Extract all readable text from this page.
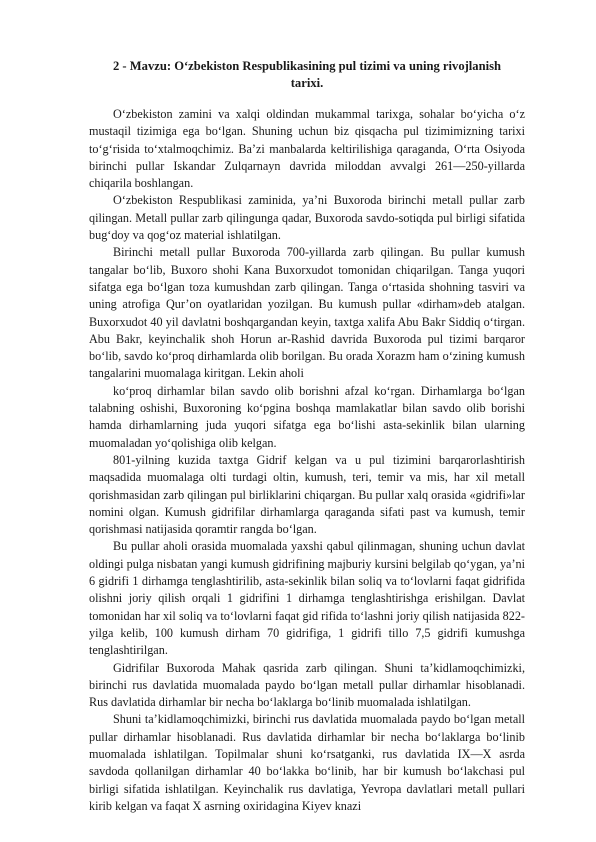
2 - Mavzu: O‘zbekiston Respublikasining pul tizimi va uning rivojlanish tarixi.

O‘zbekiston zamini va xalqi oldindan mukammal tarixga, sohalar bo‘yicha o‘z mustaqil tizimiga ega bo‘lgan. Shuning uchun biz qisqacha pul tizimimizning tarixi to‘g‘risida to‘xtalmoqchimiz. Ba’zi manbalarda keltirilishiga qaraganda, O‘rta Osiyoda birinchi pullar Iskandar Zulqarnayn davrida miloddan avvalgi 261—250-yillarda chiqarila boshlangan.

O‘zbekiston Respublikasi zaminida, ya’ni Buxoroda birinchi metall pullar zarb qilingan. Metall pullar zarb qilingunga qadar, Buxoroda savdo-sotiqda pul birligi sifatida bug‘doy va qog‘oz material ishlatilgan.

Birinchi metall pullar Buxoroda 700-yillarda zarb qilingan. Bu pullar kumush tangalar bo‘lib, Buxoro shohi Kana Buxorxudot tomonidan chiqarilgan. Tanga yuqori sifatga ega bo‘lgan toza kumushdan zarb qilingan. Tanga o‘rtasida shohning tasviri va uning atrofiga Qur’on oyatlaridan yozilgan. Bu kumush pullar «dirham»deb atalgan. Buxorxudot 40 yil davlatni boshqargandan keyin, taxtga xalifa Abu Bakr Siddiq o‘tirgan. Abu Bakr, keyinchalik shoh Horun ar-Rashid davrida Buxoroda pul tizimi barqaror bo‘lib, savdo ko‘proq dirhamlarda olib borilgan. Bu orada Xorazm ham o‘zining kumush tangalarini muomalaga kiritgan. Lekin aholi

ko‘proq dirhamlar bilan savdo olib borishni afzal ko‘rgan. Dirhamlarga bo‘lgan talabning oshishi, Buxoroning ko‘pgina boshqa mamlakatlar bilan savdo olib borishi hamda dirhamlarning juda yuqori sifatga ega bo‘lishi asta-sekinlik bilan ularning muomaladan yo‘qolishiga olib kelgan.

801-yilning kuzida taxtga Gidrif kelgan va u pul tizimini barqarorlashtirish maqsadida muomalaga olti turdagi oltin, kumush, teri, temir va mis, har xil metall qorishmasidan zarb qilingan pul birliklarini chiqargan. Bu pullar xalq orasida «gidrifi»lar nomini olgan. Kumush gidrifilar dirhamlarga qaraganda sifati past va kumush, temir qorishmasi natijasida qoramtir rangda bo‘lgan.

Bu pullar aholi orasida muomalada yaxshi qabul qilinmagan, shuning uchun davlat oldingi pulga nisbatan yangi kumush gidrifining majburiy kursini belgilab qo‘ygan, ya’ni 6 gidrifi 1 dirhamga tenglashtirilib, asta-sekinlik bilan soliq va to‘lovlarni faqat gidrifida olishni joriy qilish orqali 1 gidrifini 1 dirhamga tenglashtirishga erishilgan. Davlat tomonidan har xil soliq va to‘lovlarni faqat gid rifida to‘lashni joriy qilish natijasida 822-yilga kelib, 100 kumush dirham 70 gidrifiga, 1 gidrifi tillo 7,5 gidrifi kumushga tenglashtirilgan.

Gidrifilar Buxoroda Mahak qasrida zarb qilingan. Shuni ta’kidlamoqchimizki, birinchi rus davlatida muomalada paydo bo‘lgan metall pullar dirhamlar hisoblanadi. Rus davlatida dirhamlar bir necha bo‘laklarga bo‘linib muomalada ishlatilgan.

Shuni ta’kidlamoqchimizki, birinchi rus davlatida muomalada paydo bo‘lgan metall pullar dirhamlar hisoblanadi. Rus davlatida dirhamlar bir necha bo‘laklarga bo‘linib muomalada ishlatilgan. Topilmalar shuni ko‘rsatganki, rus davlatida IX—X asrda savdoda qollanilgan dirhamlar 40 bo‘lakka bo‘linib, har bir kumush bo‘lakchasi pul birligi sifatida ishlatilgan. Keyinchalik rus davlatiga, Yevropa davlatlari metall pullari kirib kelgan va faqat X asrning oxiridagina Kiyev knazi
